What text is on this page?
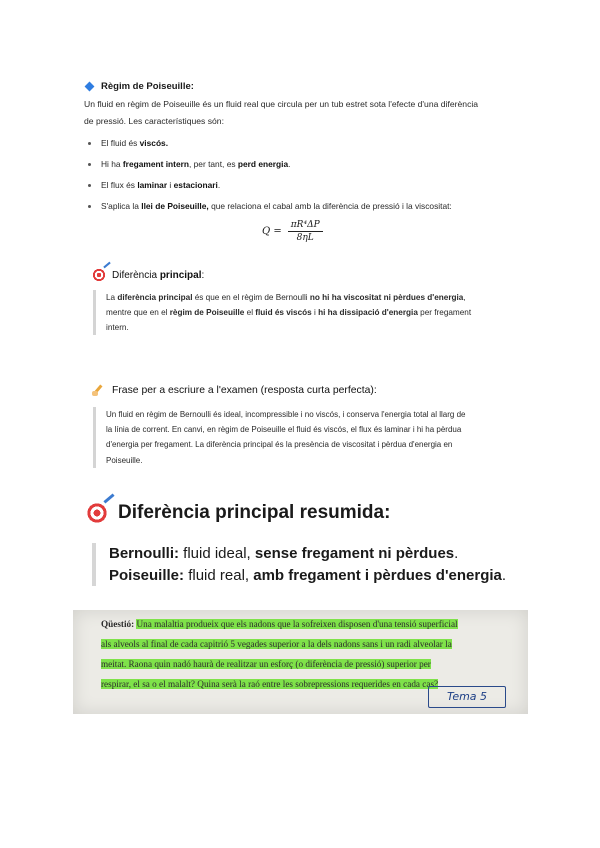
Règim de Poiseuille:
Un fluid en règim de Poiseuille és un fluid real que circula per un tub estret sota l'efecte d'una diferència
de pressió. Les característiques són:
El fluid és viscós.
Hi ha fregament intern, per tant, es perd energia.
El flux és laminar i estacionari.
S'aplica la llei de Poiseuille, que relaciona el cabal amb la diferència de pressió i la viscositat:
$Q = \frac{\text{πR⁴ΔP}}{8\eta L}$
Diferència principal:
La diferència principal és que en el règim de Bernoulli no hi ha viscositat ni pèrdues d'energia,
mentre que en el règim de Poiseuille el fluid és viscós i hi ha dissipació d'energia per fregament
intern.
Frase per a escriure a l'examen (resposta curta perfecta):
Un fluid en règim de Bernoulli és ideal, incompressible i no viscós, i conserva l'energia total al llarg de
la línia de corrent. En canvi, en règim de Poiseuille el fluid és viscós, el flux és laminar i hi ha pèrdua
d'energia per fregament. La diferència principal és la presència de viscositat i pèrdua d'energia en
Poiseuille.
Diferència principal resumida:
Bernoulli: fluid ideal, sense fregament ni pèrdues.
Poiseuille: fluid real, amb fregament i pèrdues d'energia.
Qüestió: Una malaltia produeix que els nadons que la sofreixen disposen d'una tensió superficial
als alveols al final de cada capitrió 5 vegades superior a la dels nadons sans i un radi alveolar la
meitat. Raona quin nadó haurà de realitzar un esforç (o diferència de pressió) superior per
respirar, el sa o el malalt? Quina serà la raó entre les sobrepressions requerides en cada cas?
Tema 5
